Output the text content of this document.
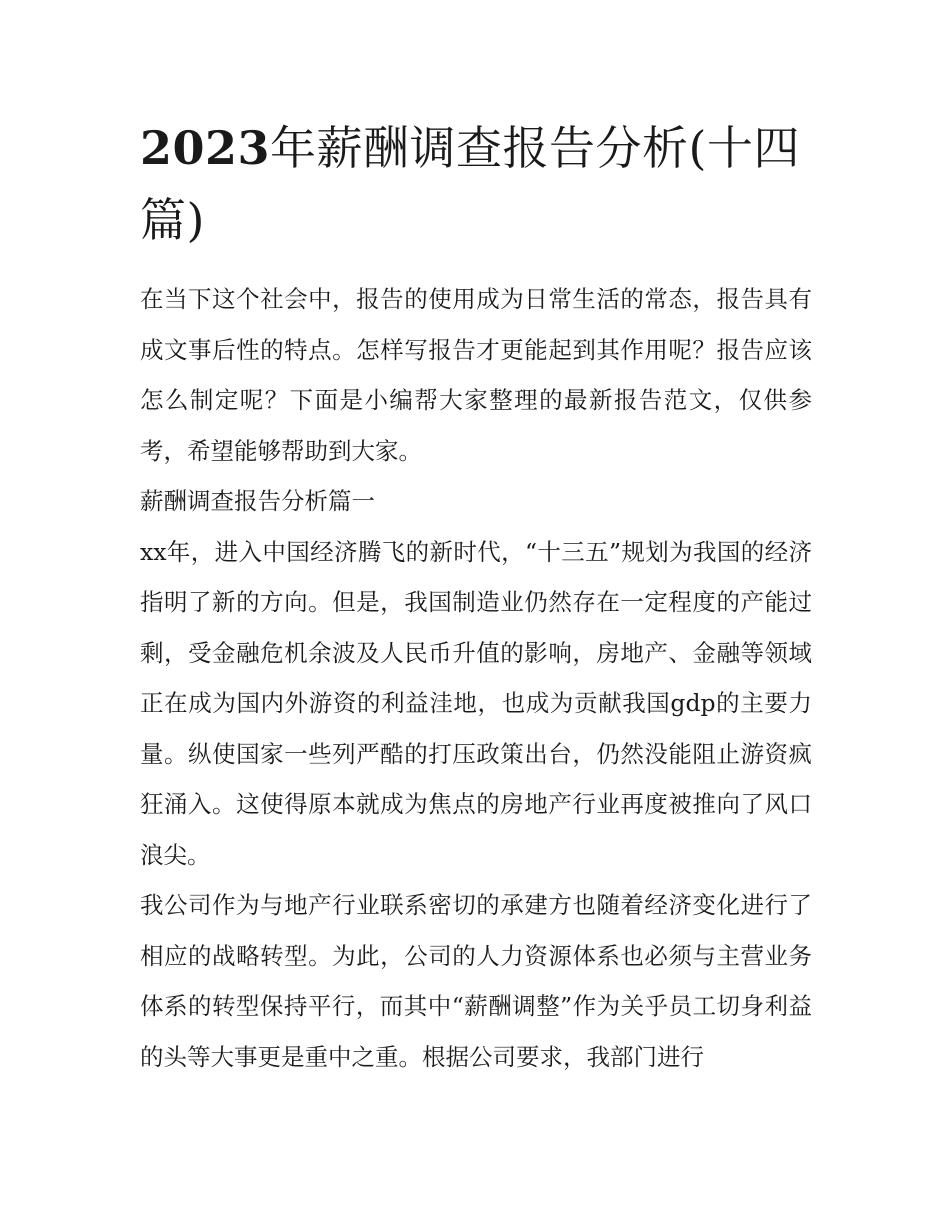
2023年薪酬调查报告分析(十四篇)

在当下这个社会中，报告的使用成为日常生活的常态，报告具有成文事后性的特点。怎样写报告才更能起到其作用呢？报告应该怎么制定呢？下面是小编帮大家整理的最新报告范文，仅供参考，希望能够帮助到大家。

薪酬调查报告分析篇一

xx年，进入中国经济腾飞的新时代，“十三五”规划为我国的经济指明了新的方向。但是，我国制造业仍然存在一定程度的产能过剩，受金融危机余波及人民币升值的影响，房地产、金融等领域正在成为国内外游资的利益洼地，也成为贡献我国gdp的主要力量。纵使国家一些列严酷的打压政策出台，仍然没能阻止游资疯狂涌入。这使得原本就成为焦点的房地产行业再度被推向了风口浪尖。

我公司作为与地产行业联系密切的承建方也随着经济变化进行了相应的战略转型。为此，公司的人力资源体系也必须与主营业务体系的转型保持平行，而其中“薪酬调整”作为关乎员工切身利益的头等大事更是重中之重。根据公司要求，我部门进行
